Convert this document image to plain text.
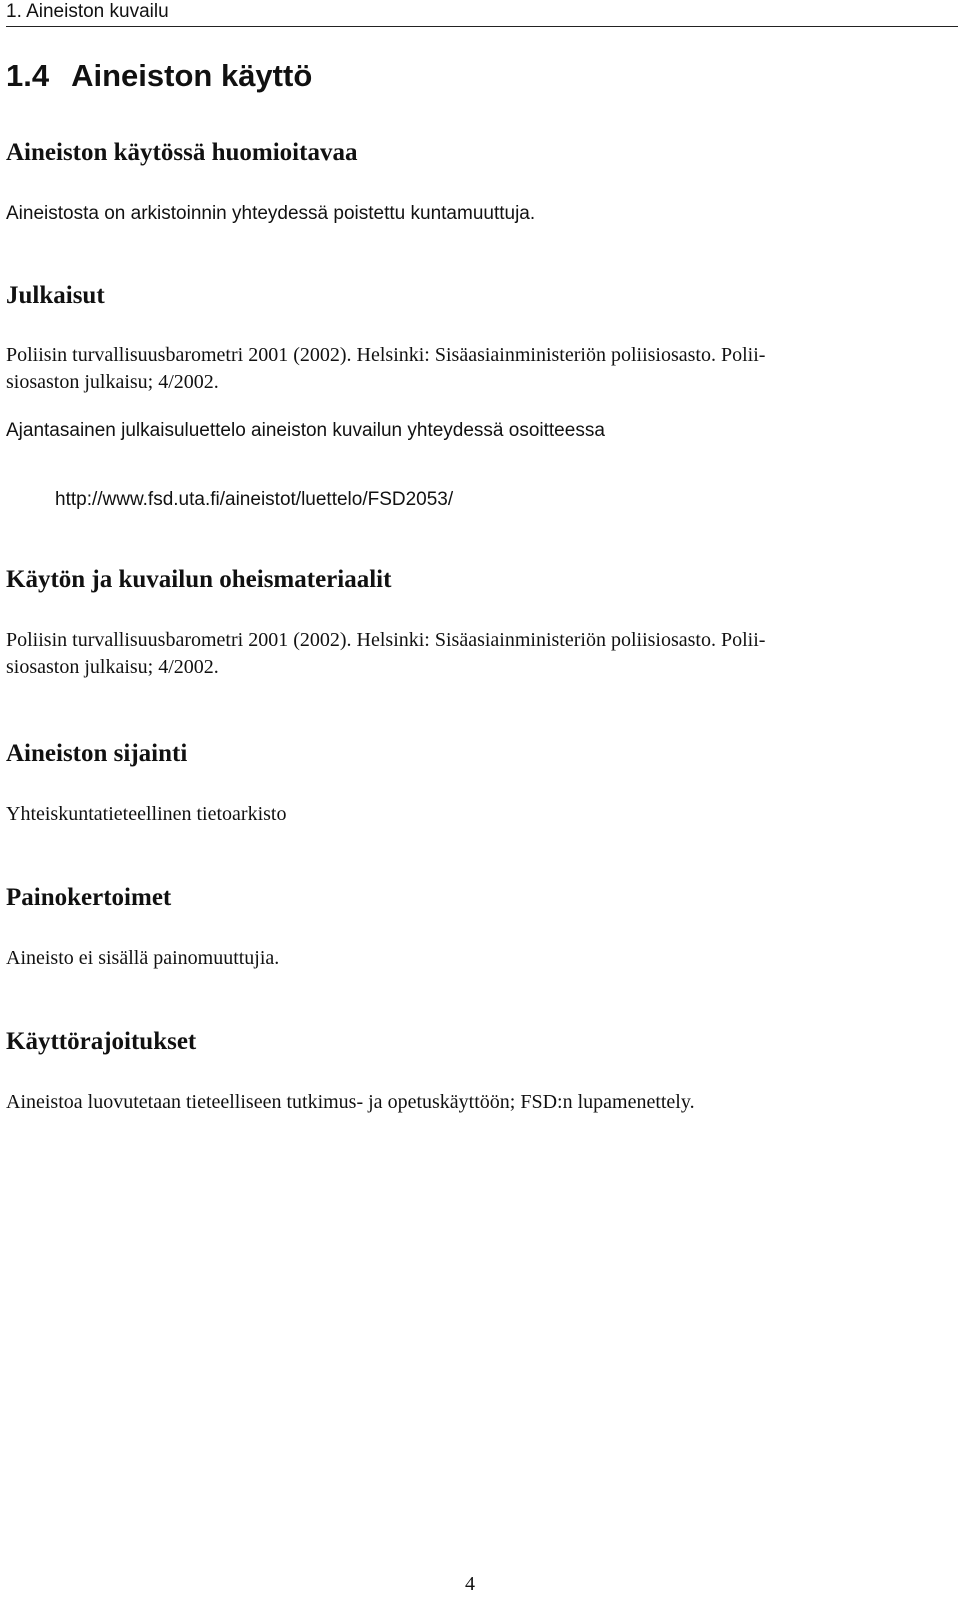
1. Aineiston kuvailu

1.4 Aineiston käyttö
Aineiston käytössä huomioitavaa

Aineistosta on arkistoinnin yhteydessä poistettu kuntamuuttuja.

Julkaisut

Poliisin turvallisuusbarometri 2001 (2002). Helsinki: Sisäasiainministeriön poliisiosasto. Polii-

siosaston julkaisu; 4/2002.

Ajantasainen julkaisuluettelo aineiston kuvailun yhteydessä osoitteessa

http://www.fsd.uta.fi/aineistot/luettelo/FSD2053/

Käytön ja kuvailun oheismateriaalit

Poliisin turvallisuusbarometri 2001 (2002). Helsinki: Sisäasiainministeriön poliisiosasto. Polii-

siosaston julkaisu; 4/2002.

Aineiston sijainti

Yhteiskuntatieteellinen tietoarkisto

Painokertoimet

Aineisto ei sisällä painomuuttujia.

Käyttörajoitukset

Aineistoa luovutetaan tieteelliseen tutkimus- ja opetuskäyttöön; FSD:n lupamenettely.

4
